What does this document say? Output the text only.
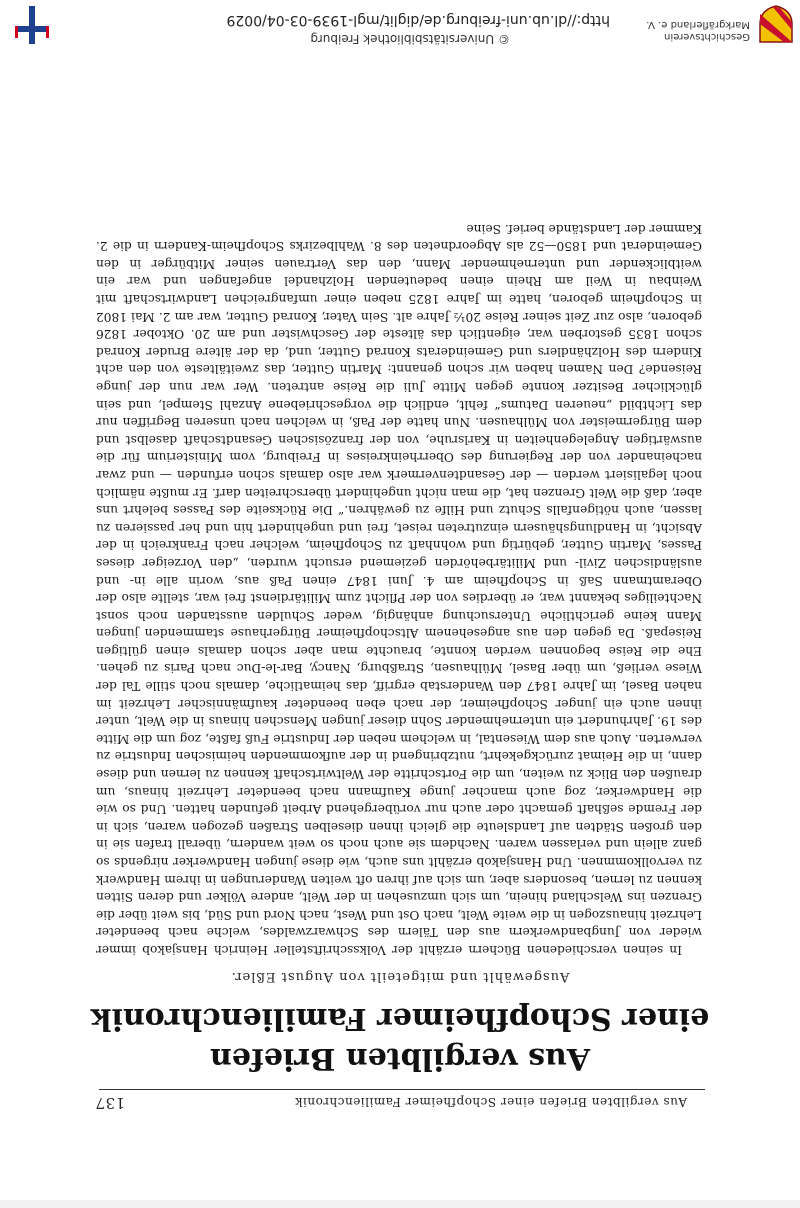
Aus vergilbten Briefen einer Schopfheimer Familienchronik
137
Aus vergilbten Briefen
einer Schopfheimer Familienchronik
Ausgewählt und mitgeteilt von August Eßler.
In seinen verschiedenen Büchern erzählt der Volksschriftsteller Heinrich Hansjakob immer wieder von Jungbandwerkern aus den Tälern des Schwarzwaldes, welche nach beendeter Lehrzeit hinauszogen in die weite Welt, nach Ost und West, nach Nord und Süd, bis weit über die Grenzen ins Welschland hinein, um sich umzusehen in der Welt, andere Völker und deren Sitten kennen zu lernen, besonders aber, um sich auf ihren oft weiten Wanderungen in ihrem Handwerk zu vervollkommnen. Und Hansjakob erzählt uns auch, wie diese jungen Handwerker nirgends so ganz allein und verlassen waren. Nachdem sie auch noch so weit wandern, überall trafen sie in den großen Städten auf Landsleute die gleich ihnen dieselben Straßen gezogen waren, sich in der Fremde seßhaft gemacht oder auch nur vorübergehend Arbeit gefunden hatten. Und so wie die Handwerker, zog auch mancher junge Kaufmann nach beendeter Lehrzeit hinaus, um draußen den Blick zu weiten, um die Fortschritte der Weltwirtschaft kennen zu lernen und diese dann, in die Heimat zurückgekehrt, nutzbringend in der aufkommenden heimischen Industrie zu verwerten. Auch aus dem Wiesental, in welchem neben der Industrie Fuß faßte, zog um die Mitte des 19. Jahrhundert ein unternehmender Sohn dieser jungen Menschen hinaus in die Welt, unter ihnen auch ein junger Schopfheimer, der nach eben beendeter kaufmännischer Lehrzeit im nahen Basel, im Jahre 1847 den Wanderstab ergriff, das heimatliche, damals noch stille Tal der Wiese verließ, um über Basel, Mülhausen, Straßburg, Nancy, Bar-le-Duc nach Paris zu gehen. Ehe die Reise begonnen werden konnte, brauchte man aber schon damals einen gültigen Reisepaß. Da gegen den aus angesehenem Altschopfheimer Bürgerhause stammenden jungen Mann keine gerichtliche Untersuchung anhängig, weder Schulden ausstanden noch sonst Nachteiliges bekannt war, er überdies von der Pflicht zum Militärdienst frei war, stellte also der Oberamtmann Saß in Schopfheim am 4. Juni 1847 einen Paß aus, worin alle in- und ausländischen Zivil- und Militärbehörden geziemend ersucht wurden, „den Vorzeiger dieses Passes, Martin Gutter, gebürtig und wohnhaft zu Schopfheim, welcher nach Frankreich in der Absicht, in Handlungshäusern einzutreten reiset, frei und ungehindert hin und her passieren zu lassen, auch nötigenfalls Schutz und Hilfe zu gewähren.“ Die Rückseite des Passes belehrt uns aber, daß die Welt Grenzen hat, die man nicht ungehindert überschreiten darf. Er mußte nämlich noch legalisiert werden — der Gesandtenvermerk war also damals schon erfunden — und zwar nacheinander von der Regierung des Oberrheinkreises in Freiburg, vom Ministerium für die auswärtigen Angelegenheiten in Karlsruhe, von der französischen Gesandtschaft daselbst und dem Bürgermeister von Mülhausen. Nun hatte der Paß, in welchen nach unseren Begriffen nur das Lichtbild „neueren Datums“ fehlt, endlich die vorgeschriebene Anzahl Stempel, und sein glücklicher Besitzer konnte gegen Mitte Juli die Reise antreten. Wer war nun der junge Reisende? Den Namen haben wir schon genannt: Martin Gutter, das zweitälteste von den acht Kindern des Holzhändlers und Gemeinderats Konrad Gutter, und, da der ältere Bruder Konrad schon 1835 gestorben war, eigentlich das älteste der Geschwister und am 20. Oktober 1826 geboren, also zur Zeit seiner Reise 20½ Jahre alt. Sein Vater, Konrad Gutter, war am 2. Mai 1802 in Schopfheim geboren, hatte im Jahre 1825 neben einer umfangreichen Landwirtschaft mit Weinbau in Weil am Rhein einen bedeutenden Holzhandel angefangen und war ein weitblickender und unternehmender Mann, den das Vertrauen seiner Mitbürger in den Gemeinderat und 1850—52 als Abgeordneten des 8. Wahlbezirks Schopfheim-Kandern in die 2. Kammer der Landstände berief. Seine
© Universitätsbibliothek Freiburg
http://dl.ub.uni-freiburg.de/diglit/mgl-1939-03-04/0029
Geschichtsverein
Markgräflerland e. V.
